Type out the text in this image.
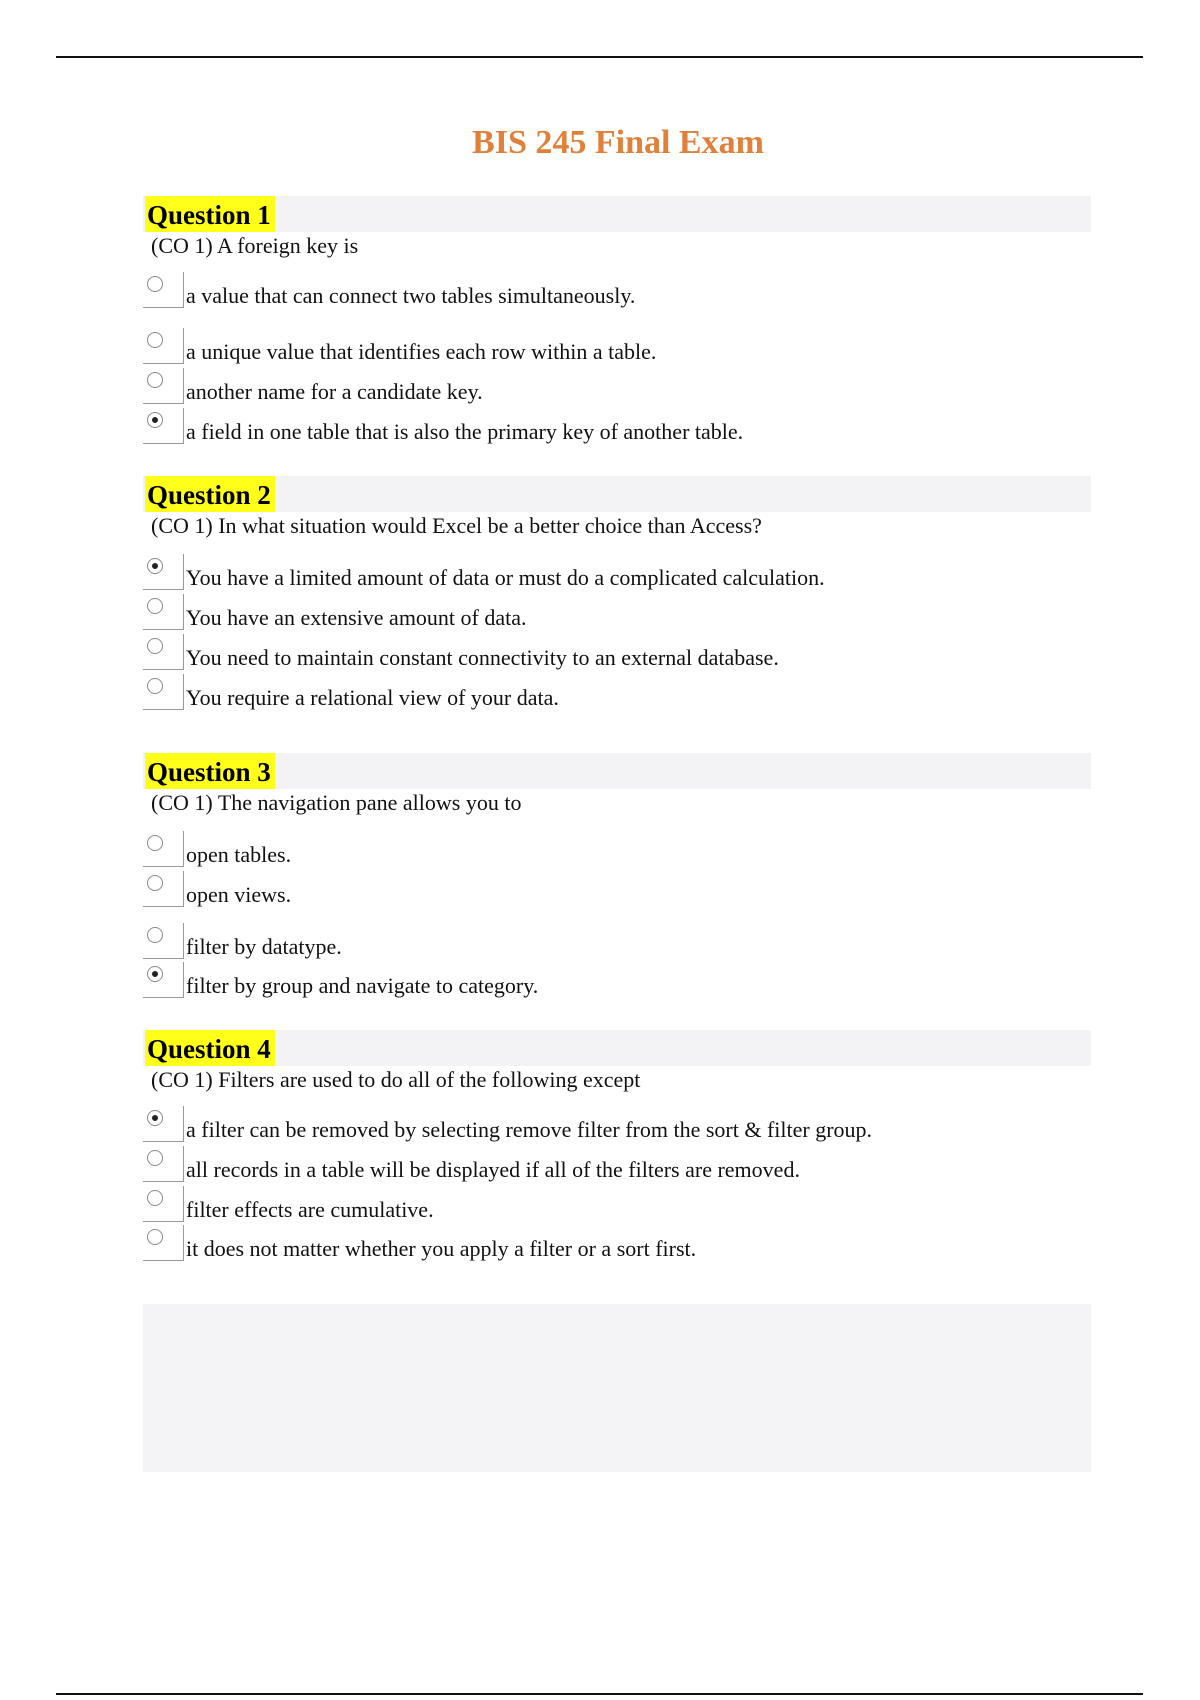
BIS 245 Final Exam
Question 1

(CO 1) A foreign key is

a value that can connect two tables simultaneously.
a unique value that identifies each row within a table.
another name for a candidate key.
a field in one table that is also the primary key of another table.
Question 2

(CO 1) In what situation would Excel be a better choice than Access?

You have a limited amount of data or must do a complicated calculation.
You have an extensive amount of data.
You need to maintain constant connectivity to an external database.
You require a relational view of your data.
Question 3

(CO 1) The navigation pane allows you to

open tables.
open views.
filter by datatype.
filter by group and navigate to category.
Question 4

(CO 1) Filters are used to do all of the following except

a filter can be removed by selecting remove filter from the sort & filter group.
all records in a table will be displayed if all of the filters are removed.
filter effects are cumulative.
it does not matter whether you apply a filter or a sort first.
